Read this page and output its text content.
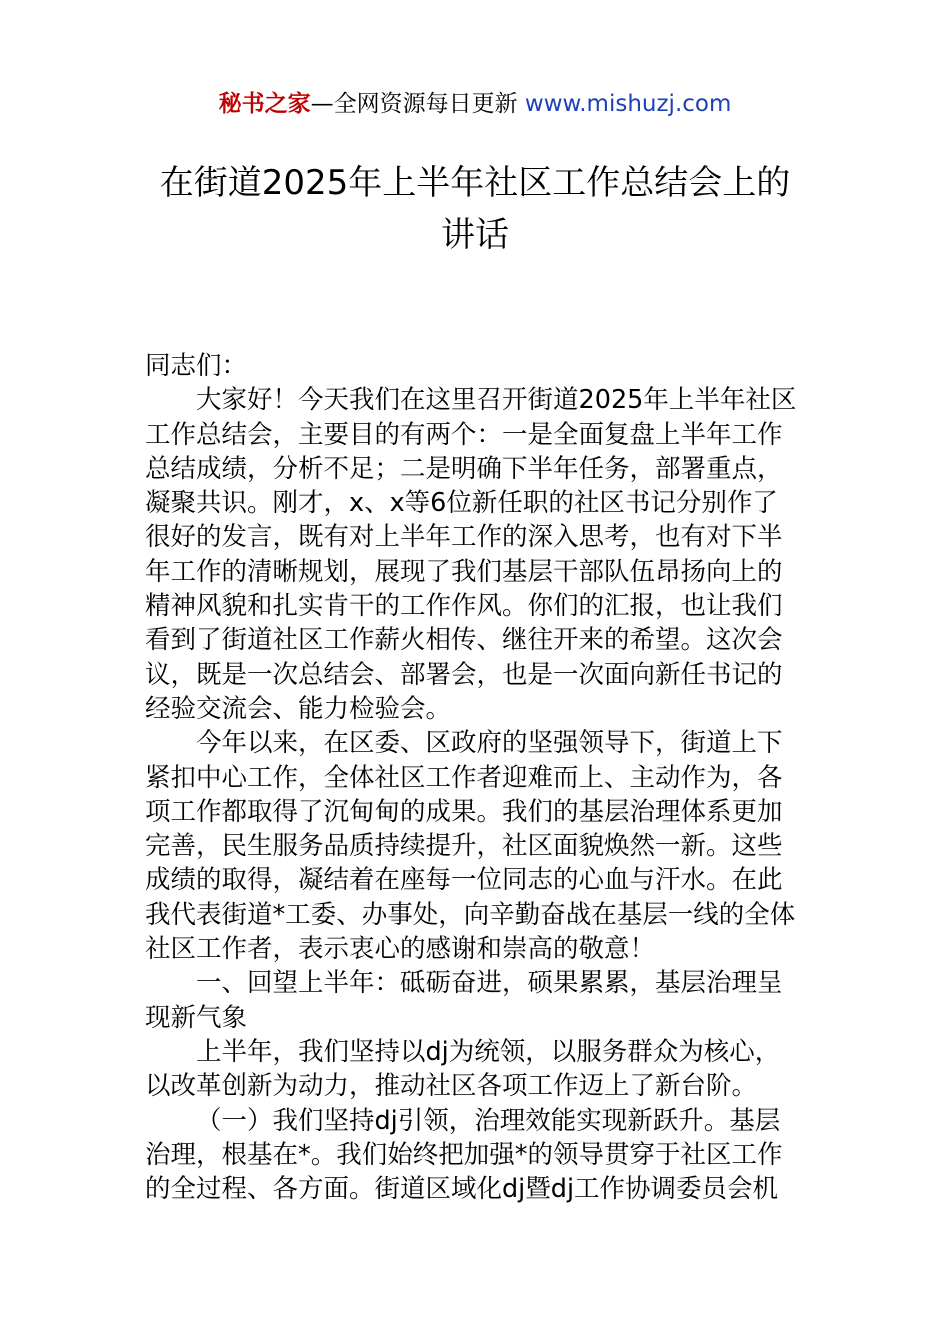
秘书之家—全网资源每日更新 www.mishuzj.com
在街道2025年上半年社区工作总结会上的
讲话
同志们：
大家好！今天我们在这里召开街道2025年上半年社区
工作总结会，主要目的有两个：一是全面复盘上半年工作
总结成绩，分析不足；二是明确下半年任务，部署重点，
凝聚共识。刚才，x、x等6位新任职的社区书记分别作了
很好的发言，既有对上半年工作的深入思考，也有对下半
年工作的清晰规划，展现了我们基层干部队伍昂扬向上的
精神风貌和扎实肯干的工作作风。你们的汇报，也让我们
看到了街道社区工作薪火相传、继往开来的希望。这次会
议，既是一次总结会、部署会，也是一次面向新任书记的
经验交流会、能力检验会。
今年以来，在区委、区政府的坚强领导下，街道上下
紧扣中心工作，全体社区工作者迎难而上、主动作为，各
项工作都取得了沉甸甸的成果。我们的基层治理体系更加
完善，民生服务品质持续提升，社区面貌焕然一新。这些
成绩的取得，凝结着在座每一位同志的心血与汗水。在此
我代表街道*工委、办事处，向辛勤奋战在基层一线的全体
社区工作者，表示衷心的感谢和崇高的敬意！
一、回望上半年：砥砺奋进，硕果累累，基层治理呈
现新气象
上半年，我们坚持以dj为统领，以服务群众为核心，
以改革创新为动力，推动社区各项工作迈上了新台阶。
（一）我们坚持dj引领，治理效能实现新跃升。基层
治理，根基在*。我们始终把加强*的领导贯穿于社区工作
的全过程、各方面。街道区域化dj暨dj工作协调委员会机
